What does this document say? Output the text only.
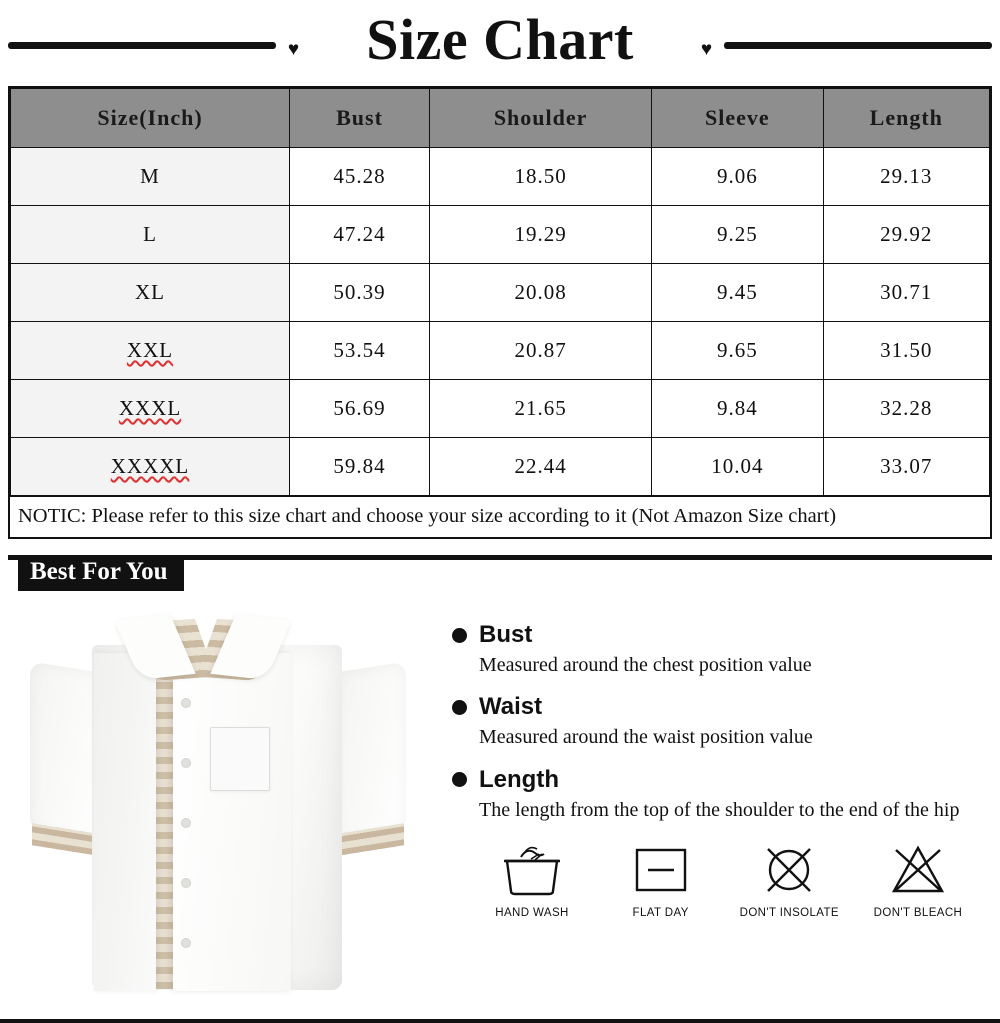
♥	Size Chart	♥
Size(Inch)	Bust	Shoulder	Sleeve	Length
M	45.28	18.50	9.06	29.13
L	47.24	19.29	9.25	29.92
XL	50.39	20.08	9.45	30.71
XXL	53.54	20.87	9.65	31.50
XXXL	56.69	21.65	9.84	32.28
XXXXL	59.84	22.44	10.04	33.07
NOTIC: Please refer to this size chart and choose your size according to it (Not Amazon Size chart)
Best For You
Bust
Measured around the chest position value
Waist
Measured around the waist position value
Length
The length from the top of the shoulder to the end of the hip
HAND WASH	FLAT DAY	DON'T INSOLATE	DON'T BLEACH
